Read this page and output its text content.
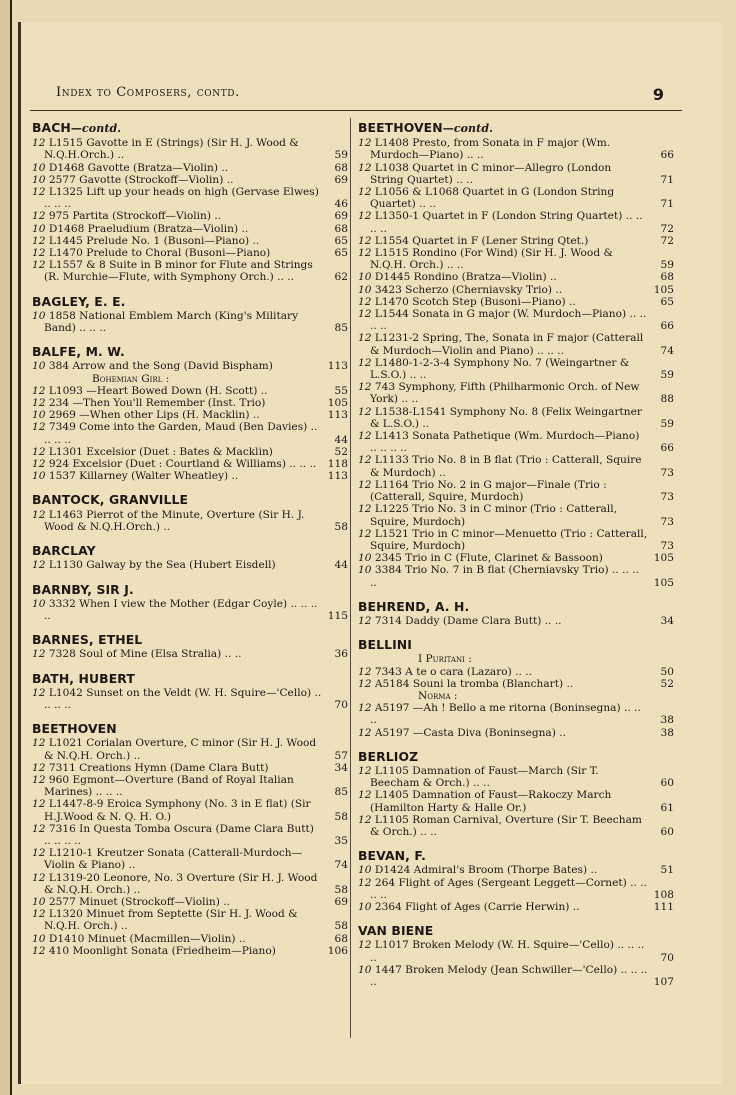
Index to Composers, contd.	9
BACH—contd.
12 L1515 Gavotte in E (Strings) (Sir H. J. Wood & N.Q.H.Orch.) ..	59
10 D1468 Gavotte (Bratza—Violin) ..	68
10 2577 Gavotte (Strockoff—Violin) ..	69
12 L1325 Lift up your heads on high (Gervase Elwes) .. .. ..	46
12 975 Partita (Strockoff—Violin) ..	69
10 D1468 Praeludium (Bratza—Violin) ..	68
12 L1445 Prelude No. 1 (Busoni—Piano) ..	65
12 L1470 Prelude to Choral (Busoni—Piano)	65
12 L1557 & 8 Suite in B minor for Flute and Strings (R. Murchie—Flute, with Symphony Orch.) .. ..	62
BAGLEY, E. E.
10 1858 National Emblem March (King's Military Band) .. .. ..	85
BALFE, M. W.
10 384 Arrow and the Song (David Bispham)	113
Bohemian Girl :
12 L1093 —Heart Bowed Down (H. Scott) ..	55
12 234 —Then You'll Remember (Inst. Trio)	105
10 2969 —When other Lips (H. Macklin) ..	113
12 7349 Come into the Garden, Maud (Ben Davies) .. .. .. ..	44
12 L1301 Excelsior (Duet : Bates & Macklin)	52
12 924 Excelsior (Duet : Courtland & Williams) .. .. .. 118
10 1537 Killarney (Walter Wheatley) ..	113
BANTOCK, GRANVILLE
12 L1463 Pierrot of the Minute, Overture (Sir H. J. Wood & N.Q.H.Orch.) ..	58
BARCLAY
12 L1130 Galway by the Sea (Hubert Eisdell)	44
BARNBY, SIR J.
10 3332 When I view the Mother (Edgar Coyle) .. .. .. ..	115
BARNES, ETHEL
12 7328 Soul of Mine (Elsa Stralia) .. ..	36
BATH, HUBERT
12 L1042 Sunset on the Veldt (W. H. Squire—'Cello) .. .. .. ..	70
BEETHOVEN
12 L1021 Corialan Overture, C minor (Sir H. J. Wood & N.Q.H. Orch.) ..	57
12 7311 Creations Hymn (Dame Clara Butt)	34
12 960 Egmont—Overture (Band of Royal Italian Marines) .. .. ..	85
12 L1447-8-9 Eroica Symphony (No. 3 in E flat) (Sir H.J.Wood & N. Q. H. O.)	58
12 7316 In Questa Tomba Oscura (Dame Clara Butt) .. .. .. ..	35
12 L1210-1 Kreutzer Sonata (Catterall-Murdoch—Violin & Piano) ..	74
12 L1319-20 Leonore, No. 3 Overture (Sir H. J. Wood & N.Q.H. Orch.) ..	58
10 2577 Minuet (Strockoff—Violin) ..	69
12 L1320 Minuet from Septette (Sir H. J. Wood & N.Q.H. Orch.) ..	58
10 D1410 Minuet (Macmillen—Violin) ..	68
12 410 Moonlight Sonata (Friedheim—Piano)	106
BEETHOVEN—contd.
12 L1408 Presto, from Sonata in F major (Wm. Murdoch—Piano) .. ..	66
12 L1038 Quartet in C minor—Allegro (London String Quartet) .. ..	71
12 L1056 & L1068 Quartet in G (London String Quartet) .. ..	71
12 L1350-1 Quartet in F (London String Quartet) .. .. .. ..	72
12 L1554 Quartet in F (Lener String Qtet.)	72
12 L1515 Rondino (For Wind) (Sir H. J. Wood & N.Q.H. Orch.) .. ..	59
10 D1445 Rondino (Bratza—Violin) ..	68
10 3423 Scherzo (Cherniavsky Trio) ..	105
12 L1470 Scotch Step (Busoni—Piano) ..	65
12 L1544 Sonata in G major (W. Murdoch—Piano) .. .. .. ..	66
12 L1231-2 Spring, The, Sonata in F major (Catterall & Murdoch—Violin and Piano) .. .. ..	74
12 L1480-1-2-3-4 Symphony No. 7 (Weingartner & L.S.O.) .. ..	59
12 743 Symphony, Fifth (Philharmonic Orch. of New York) .. ..	88
12 L1538-L1541 Symphony No. 8 (Felix Weingartner & L.S.O.) ..	59
12 L1413 Sonata Pathetique (Wm. Murdoch—Piano) .. .. .. ..	66
12 L1133 Trio No. 8 in B flat (Trio : Catterall, Squire & Murdoch) ..	73
12 L1164 Trio No. 2 in G major—Finale (Trio : (Catterall, Squire, Murdoch)	73
12 L1225 Trio No. 3 in C minor (Trio : Catterall, Squire, Murdoch)	73
12 L1521 Trio in C minor—Menuetto (Trio : Catterall, Squire, Murdoch)	73
10 2345 Trio in C (Flute, Clarinet & Bassoon)	105
10 3384 Trio No. 7 in B flat (Cherniavsky Trio) .. .. .. ..	105
BEHREND, A. H.
12 7314 Daddy (Dame Clara Butt) .. ..	34
BELLINI
I Puritani :
12 7343 A te o cara (Lazaro) .. ..	50
12 A5184 Souni la tromba (Blanchart) ..	52
Norma :
12 A5197 —Ah ! Bello a me ritorna (Boninsegna) .. .. ..	38
12 A5197 —Casta Diva (Boninsegna) ..	38
BERLIOZ
12 L1105 Damnation of Faust—March (Sir T. Beecham & Orch.) .. ..	60
12 L1405 Damnation of Faust—Rakoczy March (Hamilton Harty & Halle Or.)	61
12 L1105 Roman Carnival, Overture (Sir T. Beecham & Orch.) .. ..	60
BEVAN, F.
10 D1424 Admiral's Broom (Thorpe Bates) ..	51
12 264 Flight of Ages (Sergeant Leggett—Cornet) .. .. .. ..	108
10 2364 Flight of Ages (Carrie Herwin) ..	111
VAN BIENE
12 L1017 Broken Melody (W. H. Squire—'Cello) .. .. .. ..	70
10 1447 Broken Melody (Jean Schwiller—'Cello) .. .. .. ..	107
